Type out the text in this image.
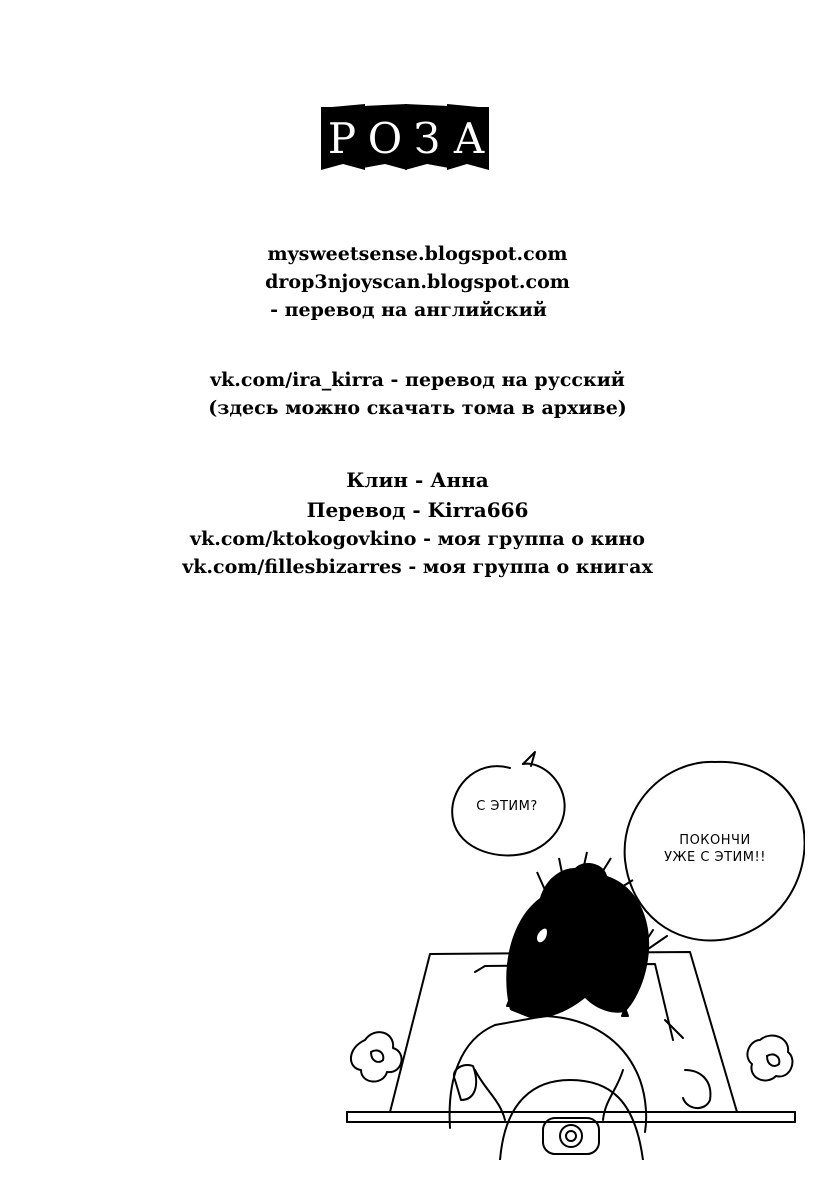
Р О З А
mysweetsense.blogspot.com
drop3njoyscan.blogspot.com
- перевод на английский
vk.com/ira_kirra - перевод на русский
(здесь можно скачать тома в архиве)
Клин - Анна
Перевод - Kirra666
vk.com/ktokogovkino - моя группа о кино
vk.com/fillesbizarres - моя группа о книгах
С ЭТИМ?
ПОКОНЧИ
УЖЕ С ЭТИМ!!
